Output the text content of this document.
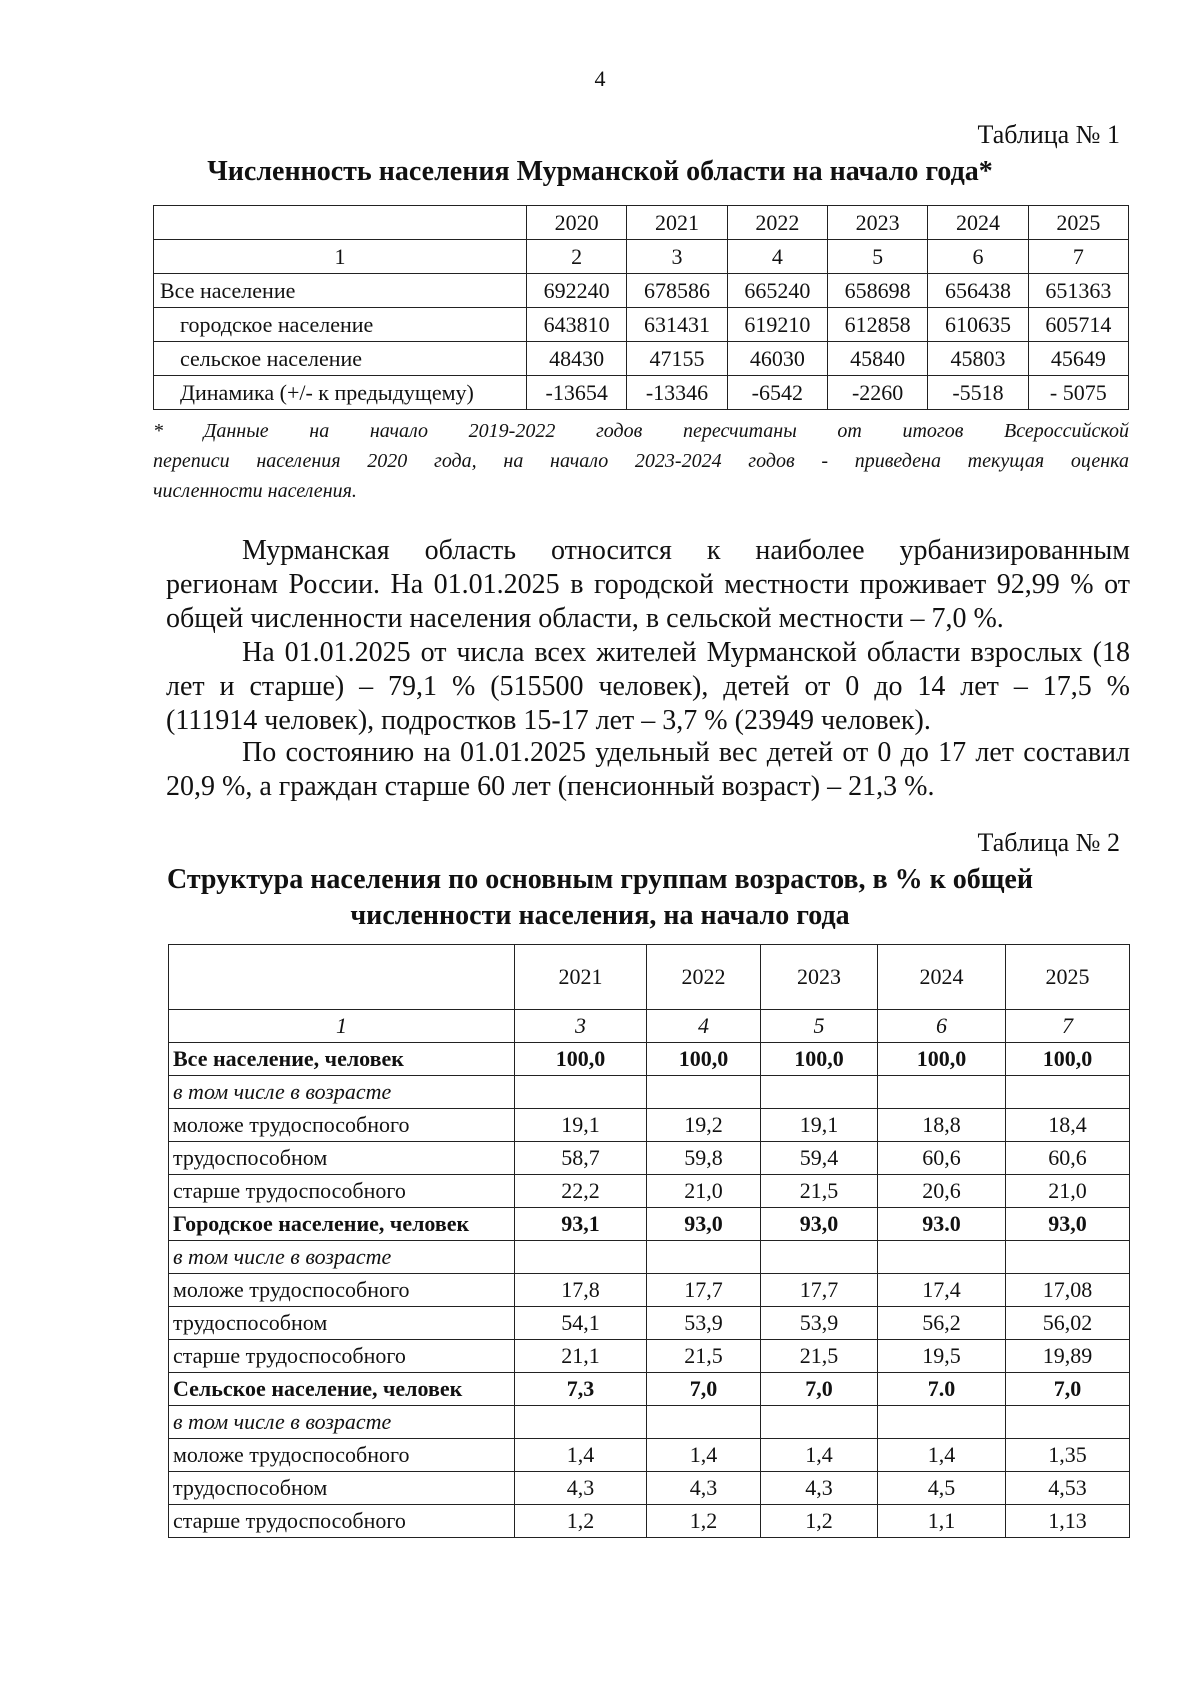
4
Таблица № 1
Численность населения Мурманской области на начало года*
	2020	2021	2022	2023	2024	2025
1	2	3	4	5	6	7
Все население	692240	678586	665240	658698	656438	651363
городское население	643810	631431	619210	612858	610635	605714
сельское население	48430	47155	46030	45840	45803	45649
Динамика (+/- к предыдущему)	-13654	-13346	-6542	-2260	-5518	- 5075
* Данные на начало 2019-2022 годов пересчитаны от итогов Всероссийской
переписи населения 2020 года, на начало 2023-2024 годов - приведена текущая оценка
численности населения.
Мурманская область относится к наиболее урбанизированным
регионам России. На 01.01.2025 в городской местности проживает 92,99 % от
общей численности населения области, в сельской местности – 7,0 %.
На 01.01.2025 от числа всех жителей Мурманской области взрослых (18
лет и старше) – 79,1 % (515500 человек), детей от 0 до 14 лет – 17,5 %
(111914 человек), подростков 15-17 лет – 3,7 % (23949 человек).
По состоянию на 01.01.2025 удельный вес детей от 0 до 17 лет составил
20,9 %, а граждан старше 60 лет (пенсионный возраст) – 21,3 %.
Таблица № 2
Структура населения по основным группам возрастов, в % к общей
численности населения, на начало года
	2021	2022	2023	2024	2025
1	3	4	5	6	7
Все население, человек	100,0	100,0	100,0	100,0	100,0
в том числе в возрасте					
моложе трудоспособного	19,1	19,2	19,1	18,8	18,4
трудоспособном	58,7	59,8	59,4	60,6	60,6
старше трудоспособного	22,2	21,0	21,5	20,6	21,0
Городское население, человек	93,1	93,0	93,0	93.0	93,0
в том числе в возрасте					
моложе трудоспособного	17,8	17,7	17,7	17,4	17,08
трудоспособном	54,1	53,9	53,9	56,2	56,02
старше трудоспособного	21,1	21,5	21,5	19,5	19,89
Сельское население, человек	7,3	7,0	7,0	7.0	7,0
в том числе в возрасте					
моложе трудоспособного	1,4	1,4	1,4	1,4	1,35
трудоспособном	4,3	4,3	4,3	4,5	4,53
старше трудоспособного	1,2	1,2	1,2	1,1	1,13
